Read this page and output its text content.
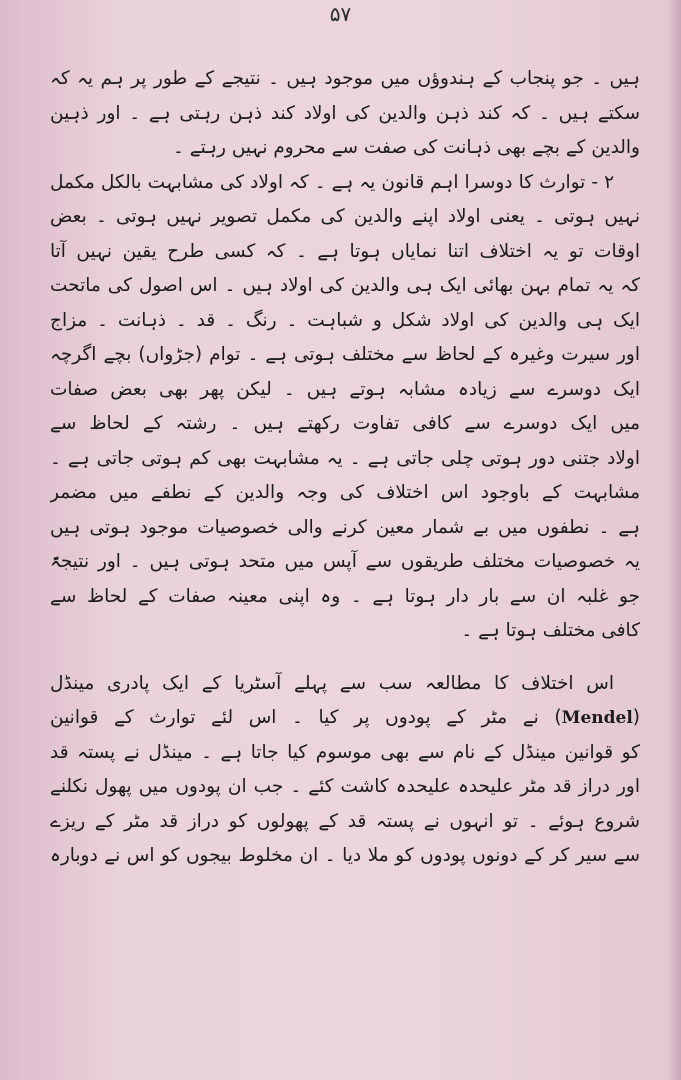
۵۷
ہیں ۔ جو پنجاب کے ہندوؤں میں موجود ہیں ۔ نتیجے کے طور پر ہم یہ کہ
سکتے ہیں ۔ کہ کند ذہن والدین کی اولاد کند ذہن رہتی ہے ۔ اور ذہین
والدین کے بچے بھی ذہانت کی صفت سے محروم نہیں رہتے ۔
۲ - توارث کا دوسرا اہم قانون یہ ہے ۔ کہ اولاد کی مشابہت بالکل مکمل
نہیں ہوتی ۔ یعنی اولاد اپنے والدین کی مکمل تصویر نہیں ہوتی ۔ بعض
اوقات تو یہ اختلاف اتنا نمایاں ہوتا ہے ۔ کہ کسی طرح یقین نہیں آتا
کہ یہ تمام بہن بھائی ایک ہی والدین کی اولاد ہیں ۔ اس اصول کی ماتحت
ایک ہی والدین کی اولاد شکل و شباہت ۔ رنگ ۔ قد ۔ ذہانت ۔ مزاج
اور سیرت وغیرہ کے لحاظ سے مختلف ہوتی ہے ۔ توام (جڑواں) بچے اگرچہ
ایک دوسرے سے زیادہ مشابہ ہوتے ہیں ۔ لیکن پھر بھی بعض صفات
میں ایک دوسرے سے کافی تفاوت رکھتے ہیں ۔ رشتہ کے لحاظ سے
اولاد جتنی دور ہوتی چلی جاتی ہے ۔ یہ مشابہت بھی کم ہوتی جاتی ہے ۔
مشابہت کے باوجود اس اختلاف کی وجہ والدین کے نطفے میں مضمر
ہے ۔ نطفوں میں بے شمار معین کرنے والی خصوصیات موجود ہوتی ہیں
یہ خصوصیات مختلف طریقوں سے آپس میں متحد ہوتی ہیں ۔ اور نتیجۃً
جو غلبہ ان سے بار دار ہوتا ہے ۔ وہ اپنی معینہ صفات کے لحاظ سے
کافی مختلف ہوتا ہے ۔
اس اختلاف کا مطالعہ سب سے پہلے آسٹریا کے ایک پادری مینڈل
(Mendel) نے مٹر کے پودوں پر کیا ۔ اس لئے توارث کے قوانین
کو قوانین مینڈل کے نام سے بھی موسوم کیا جاتا ہے ۔ مینڈل نے پستہ قد
اور دراز قد مٹر علیحدہ علیحدہ کاشت کئے ۔ جب ان پودوں میں پھول نکلنے
شروع ہوئے ۔ تو انہوں نے پستہ قد کے پھولوں کو دراز قد مٹر کے ریزے
سے سیر کر کے دونوں پودوں کو ملا دیا ۔ ان مخلوط بیجوں کو اس نے دوبارہ
